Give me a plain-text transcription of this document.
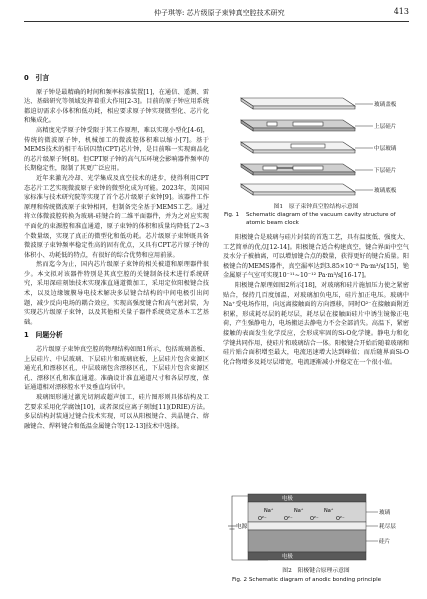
仲子琪等: 芯片级原子束钟真空腔技术研究	413
0　引言

原子钟是最精确的时间和频率标准装置[1]，在通信、遥测、雷达、基础研究等领域发挥着重大作用[2-3]。目前的原子钟应用系统都迫切需求小体积和低功耗，相应要求原子钟实现微型化、芯片化和集成化。

高精度光学原子钟受限于其工作原理，难以实现小型化[4-6]，传统的微波原子钟，机械加工的微波腔体积难以缩小[7]。基于MEMS技术的相干布居囚禁(CPT)芯片钟，是目前唯一实现商品化的芯片级原子钟[8]。但CPT原子钟的高气压环境会影响器件频率的长期稳定性，限制了其更广泛应用。

近年来激光冷却、光学集成及真空技术的进步，使得利用CPT态芯片工艺实现微波原子束钟的微型化成为可能。2023年，美国国家标准与技术研究院等实现了首个芯片级原子束钟[9]。该器件工作原理和传统微波原子束钟相同，但制备完全基于MEMS工艺。通过将立体微波腔转换为玻璃-硅键合的二维平面器件，并为之对应实现平面化的束源腔和准直通道，原子束钟的体积和质量均降低了2~3个数量级，实现了真正的微型化和低功耗。芯片级原子束钟既具备微波原子束钟频率稳定性高的固有优点，又具有CPT芯片原子钟的体积小、功耗低的特点，有很好的综合优势和应用前景。

然而迄今为止，国内芯片级原子束钟的相关被道和原理器件很少。本文拟对该器件特别是其真空腔的关键制备技术进行系统研究，采用深硅刻蚀技术实现准直通道微加工，采用定位阳极键合技术，以及边缘镀膜导电技术解决多层键合结构的中间电极引出问题，减少反向电场的耦合效应，实现高强度键合和高气密封装，为实现芯片级原子束钟，以及其他相关量子器件系统奠定基本工艺基础。

1　问题分析

芯片级原子束钟真空腔的物理结构如图1所示，包括玻璃盖板、上层硅片、中层玻璃、下层硅片和玻璃底板，上层硅片包含束源区通光孔和漂移区孔，中层玻璃包含漂移区孔，下层硅片包含束源区孔、漂移区孔和准直通道。准确设计准直通道尺寸和各层厚度，保证通道相对漂移腔水平及垂直均居中。

玻璃图形通过激光切割或超声加工，硅片图形则具体结构及工艺要求采用化学腐蚀[10]，或者深反应离子刻蚀[11](DRIE)方法。多层结构封装通过键合技术实现，可以从阳极键合、共晶键合、熔融键合、焊料键合和低温金属键合等[12-13]技术中选择。

玻璃盖板
上层硅片
中层玻璃
下层硅片
玻璃底板
图1　原子束钟真空腔结构示意图
Fig. 1 Schematic diagram of the vacuum cavity structure of atomic beam clock

阳极键合是玻璃与硅片封装的首选工艺，具有温度低、强度大、工艺简单的优点[12-14]。阳极键合适合构建真空，键合界面中空气及水分子被抽离，可以增加键合点的数量，获得更好的键合质量。阳极键合的MEMS器件，真空漏率达到3.85×10⁻⁸ Pa·m³/s[15]，铯金属原子气室可实现10⁻¹¹~10⁻¹² Pa·m³/s[16-17]。

阳极键合原理如图2所示[18]，对玻璃和硅片施加压力使之紧密贴合，保持几百度加温，对玻璃加负电压，硅片加正电压。玻璃中Na⁺受电场作用，向远离接触面的方向漂移，同时O²⁻在接触面附近积累，形成耗尽层的耗尽层，耗尽层在接触面硅片中诱生镜像正电荷，产生强静电力，电场搬运去静电力不会全部消失。高温下，紧密接触的表面发生化学反应，会形成牢固的Si-O化学键。静电力和化学键共同作用，使硅片和玻璃结合一体。阳极键合开始后随着玻璃和硅片贴合面积增至最大，电流迅速增大达到峰值；而后随界面Si-O化合物增多及耗尽层增宽，电流逐渐减小并稳定在一个很小值。

电源
电极
电极
Na⁺	Na⁺	Na⁺
O²⁻	O²⁻	O²⁻	O²⁻
玻璃
耗尽层
硅片
图2　阳极键合原理示意图
Fig. 2 Schematic diagram of anodic bonding principle
